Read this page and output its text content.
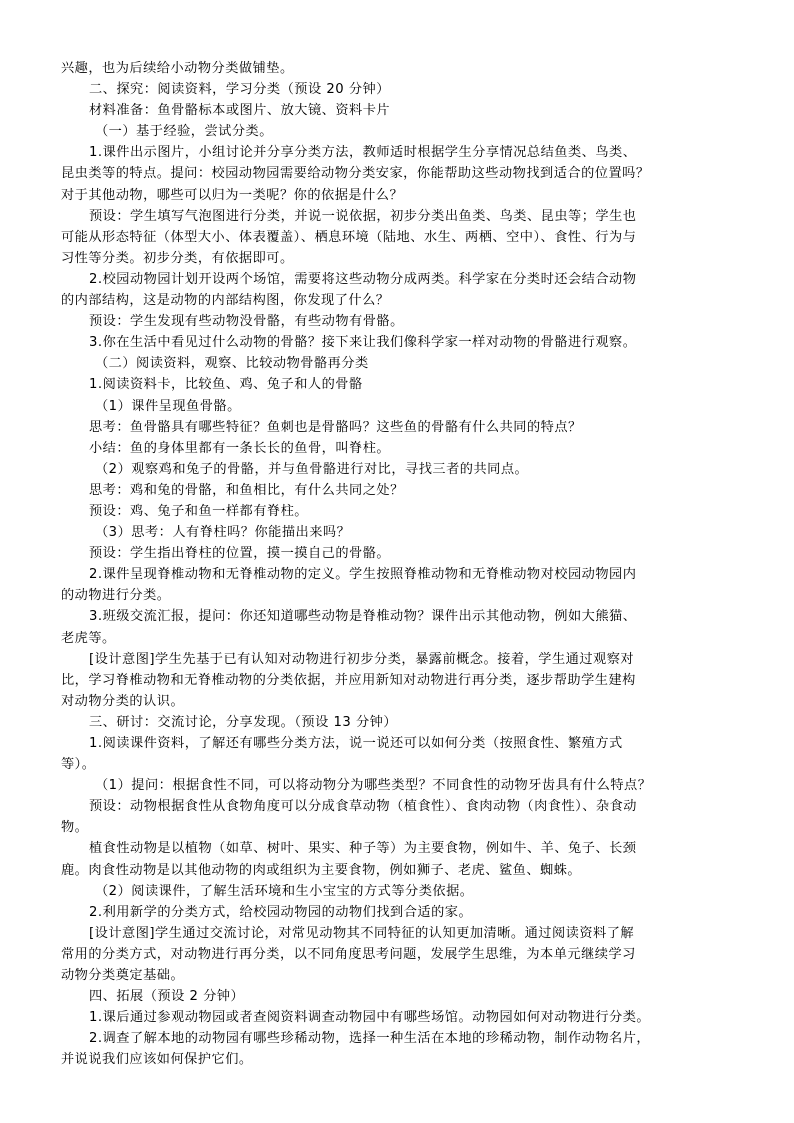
兴趣，也为后续给小动物分类做铺垫。
二、探究：阅读资料，学习分类（预设 20 分钟）
材料准备：鱼骨骼标本或图片、放大镜、资料卡片
（一）基于经验，尝试分类。
1.课件出示图片，小组讨论并分享分类方法，教师适时根据学生分享情况总结鱼类、鸟类、
昆虫类等的特点。提问：校园动物园需要给动物分类安家，你能帮助这些动物找到适合的位置吗？
对于其他动物，哪些可以归为一类呢？你的依据是什么？
预设：学生填写气泡图进行分类，并说一说依据，初步分类出鱼类、鸟类、昆虫等；学生也
可能从形态特征（体型大小、体表覆盖）、栖息环境（陆地、水生、两栖、空中）、食性、行为与
习性等分类。初步分类，有依据即可。
2.校园动物园计划开设两个场馆，需要将这些动物分成两类。科学家在分类时还会结合动物
的内部结构，这是动物的内部结构图，你发现了什么？
预设：学生发现有些动物没骨骼，有些动物有骨骼。
3.你在生活中看见过什么动物的骨骼？接下来让我们像科学家一样对动物的骨骼进行观察。
（二）阅读资料，观察、比较动物骨骼再分类
1.阅读资料卡，比较鱼、鸡、兔子和人的骨骼
（1）课件呈现鱼骨骼。
思考：鱼骨骼具有哪些特征？鱼刺也是骨骼吗？这些鱼的骨骼有什么共同的特点？
小结：鱼的身体里都有一条长长的鱼骨，叫脊柱。
（2）观察鸡和兔子的骨骼，并与鱼骨骼进行对比，寻找三者的共同点。
思考：鸡和兔的骨骼，和鱼相比，有什么共同之处？
预设：鸡、兔子和鱼一样都有脊柱。
（3）思考：人有脊柱吗？你能描出来吗？
预设：学生指出脊柱的位置，摸一摸自己的骨骼。
2.课件呈现脊椎动物和无脊椎动物的定义。学生按照脊椎动物和无脊椎动物对校园动物园内
的动物进行分类。
3.班级交流汇报，提问：你还知道哪些动物是脊椎动物？课件出示其他动物，例如大熊猫、
老虎等。
[设计意图]学生先基于已有认知对动物进行初步分类，暴露前概念。接着，学生通过观察对
比，学习脊椎动物和无脊椎动物的分类依据，并应用新知对动物进行再分类，逐步帮助学生建构
对动物分类的认识。
三、研讨：交流讨论，分享发现。（预设 13 分钟）
1.阅读课件资料，了解还有哪些分类方法，说一说还可以如何分类（按照食性、繁殖方式
等）。
（1）提问：根据食性不同，可以将动物分为哪些类型？不同食性的动物牙齿具有什么特点？
预设：动物根据食性从食物角度可以分成食草动物（植食性）、食肉动物（肉食性）、杂食动
物。
植食性动物是以植物（如草、树叶、果实、种子等）为主要食物，例如牛、羊、兔子、长颈
鹿。肉食性动物是以其他动物的肉或组织为主要食物，例如狮子、老虎、鲨鱼、蜘蛛。
（2）阅读课件，了解生活环境和生小宝宝的方式等分类依据。
2.利用新学的分类方式，给校园动物园的动物们找到合适的家。
[设计意图]学生通过交流讨论，对常见动物其不同特征的认知更加清晰。通过阅读资料了解
常用的分类方式，对动物进行再分类，以不同角度思考问题，发展学生思维，为本单元继续学习
动物分类奠定基础。
四、拓展（预设 2 分钟）
1.课后通过参观动物园或者查阅资料调查动物园中有哪些场馆。动物园如何对动物进行分类。
2.调查了解本地的动物园有哪些珍稀动物，选择一种生活在本地的珍稀动物，制作动物名片，
并说说我们应该如何保护它们。
